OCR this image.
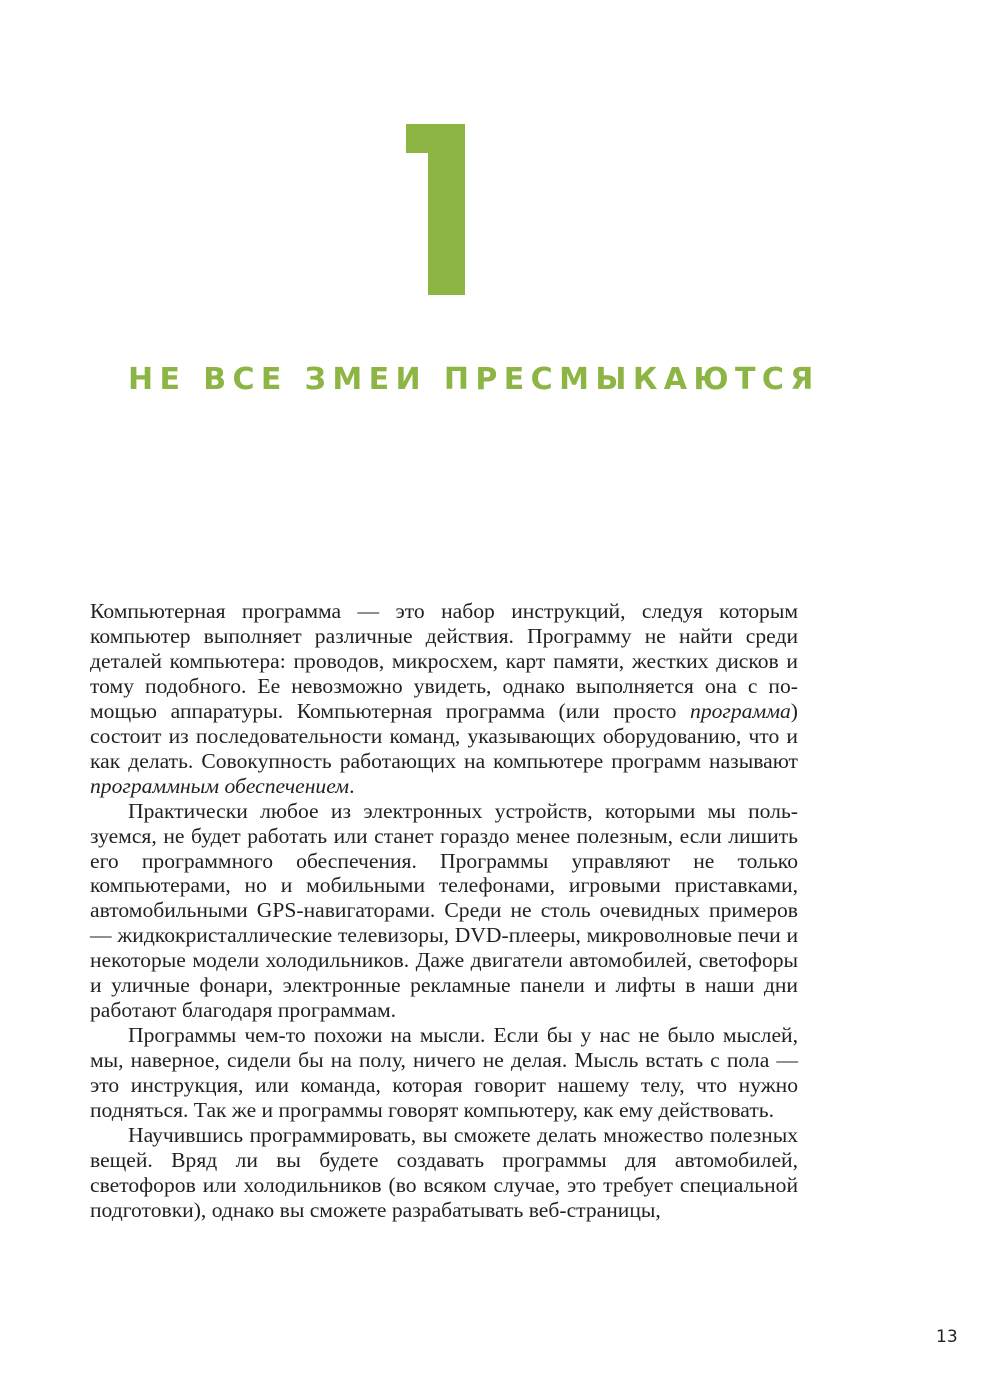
НЕ ВСЕ ЗМЕИ ПРЕСМЫКАЮТСЯ

Компьютерная программа — это набор инструкций, следуя которым компьютер выполняет различные действия. Программу не найти среди деталей компьютера: проводов, микросхем, карт памяти, жестких дисков и тому подобного. Ее невозможно увидеть, однако выполняется она с помощью аппаратуры. Компьютерная программа (или просто программа) состоит из последовательности команд, указывающих оборудованию, что и как делать. Совокупность работающих на компьютере программ называют программным обеспечением.

Практически любое из электронных устройств, которыми мы пользуемся, не будет работать или станет гораздо менее полезным, если лишить его программного обеспечения. Программы управляют не только компьютерами, но и мобильными телефонами, игровыми приставками, автомобильными GPS-навигаторами. Среди не столь очевидных примеров — жидкокристаллические телевизоры, DVD-плееры, микроволновые печи и некоторые модели холодильников. Даже двигатели автомобилей, светофоры и уличные фонари, электронные рекламные панели и лифты в наши дни работают благодаря программам.

Программы чем-то похожи на мысли. Если бы у нас не было мыслей, мы, наверное, сидели бы на полу, ничего не делая. Мысль встать с пола — это инструкция, или команда, которая говорит нашему телу, что нужно подняться. Так же и программы говорят компьютеру, как ему действовать.

Научившись программировать, вы сможете делать множество полезных вещей. Вряд ли вы будете создавать программы для автомобилей, светофоров или холодильников (во всяком случае, это требует специальной подготовки), однако вы сможете разрабатывать веб-страницы,

13
